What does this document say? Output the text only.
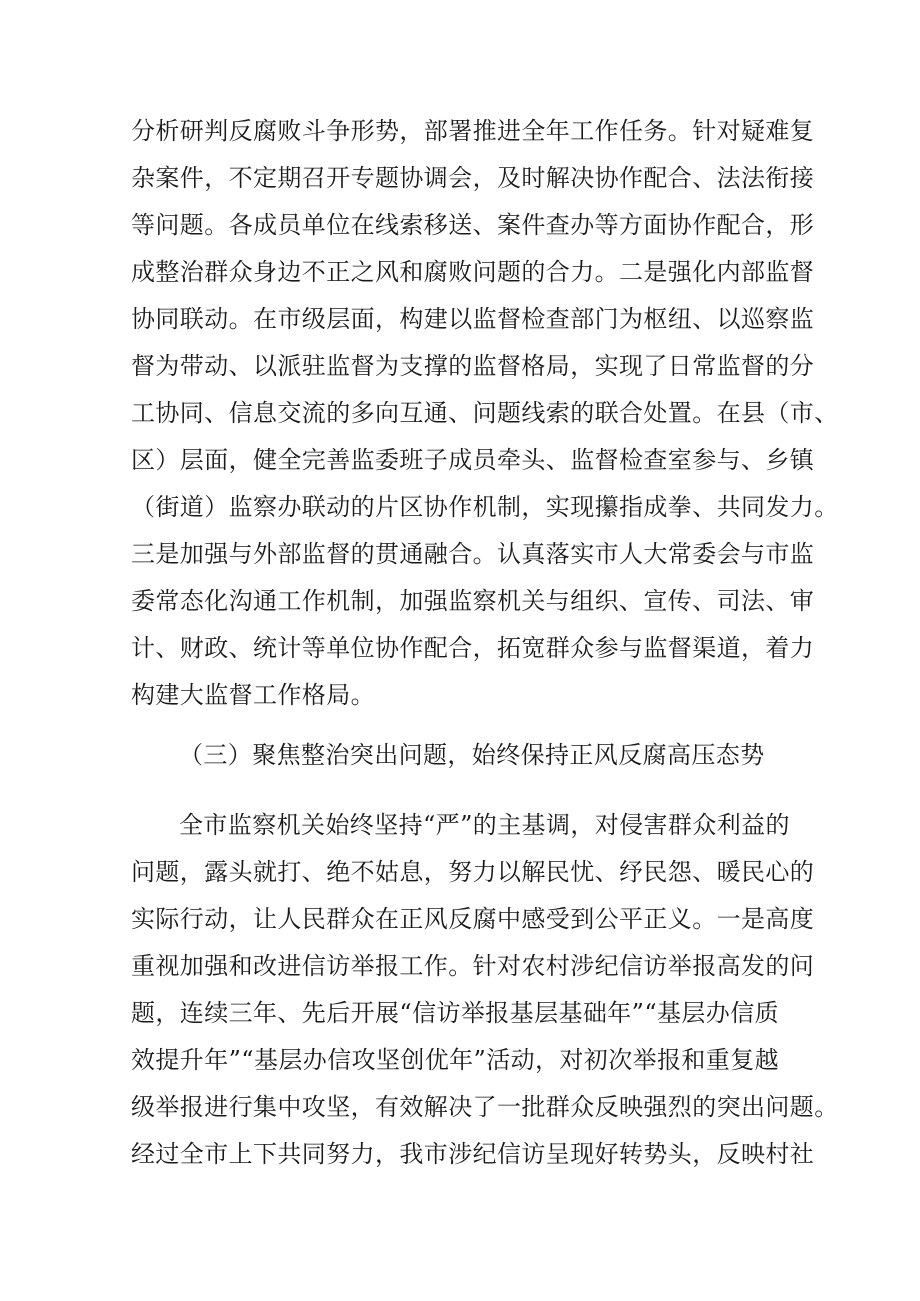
分析研判反腐败斗争形势，部署推进全年工作任务。针对疑难复
杂案件，不定期召开专题协调会，及时解决协作配合、法法衔接
等问题。各成员单位在线索移送、案件查办等方面协作配合，形
成整治群众身边不正之风和腐败问题的合力。二是强化内部监督
协同联动。在市级层面，构建以监督检查部门为枢纽、以巡察监
督为带动、以派驻监督为支撑的监督格局，实现了日常监督的分
工协同、信息交流的多向互通、问题线索的联合处置。在县（市、
区）层面，健全完善监委班子成员牵头、监督检查室参与、乡镇
（街道）监察办联动的片区协作机制，实现攥指成拳、共同发力。
三是加强与外部监督的贯通融合。认真落实市人大常委会与市监
委常态化沟通工作机制，加强监察机关与组织、宣传、司法、审
计、财政、统计等单位协作配合，拓宽群众参与监督渠道，着力
构建大监督工作格局。
（三）聚焦整治突出问题，始终保持正风反腐高压态势
全市监察机关始终坚持“严”的主基调，对侵害群众利益的
问题，露头就打、绝不姑息，努力以解民忧、纾民怨、暖民心的
实际行动，让人民群众在正风反腐中感受到公平正义。一是高度
重视加强和改进信访举报工作。针对农村涉纪信访举报高发的问
题，连续三年、先后开展“信访举报基层基础年”“基层办信质
效提升年”“基层办信攻坚创优年”活动，对初次举报和重复越
级举报进行集中攻坚，有效解决了一批群众反映强烈的突出问题。
经过全市上下共同努力，我市涉纪信访呈现好转势头，反映村社
